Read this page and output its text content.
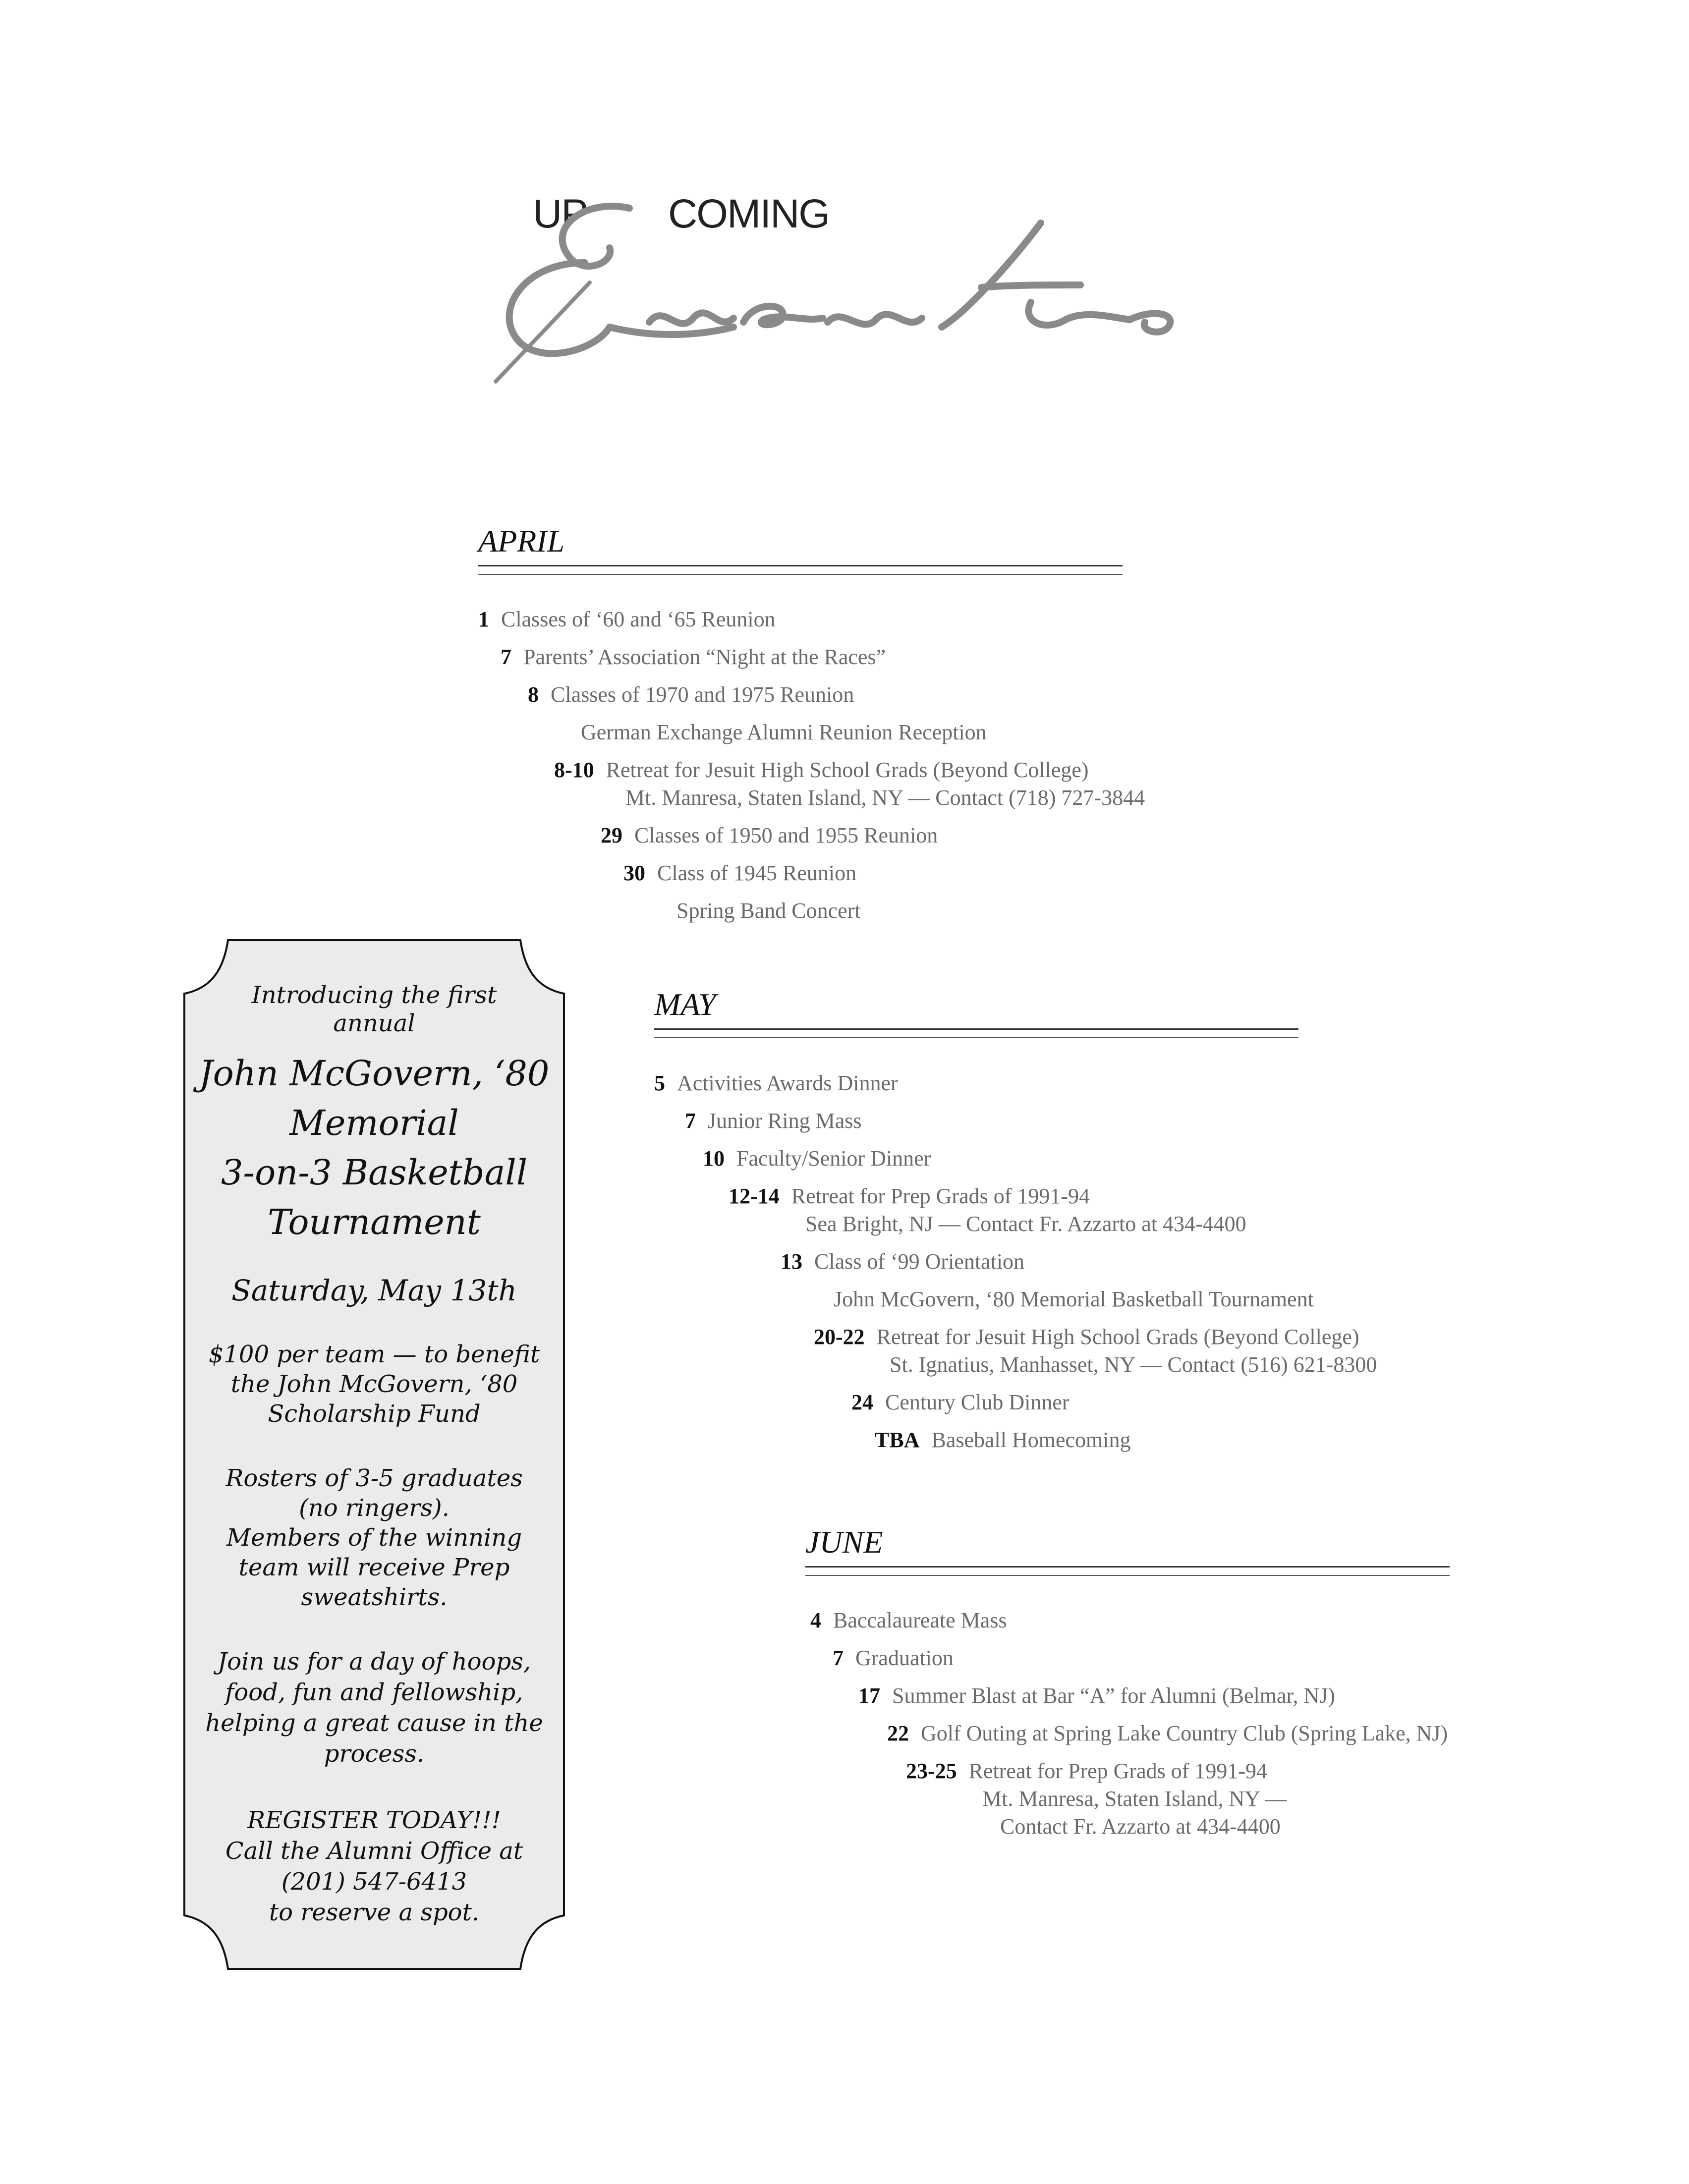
UP COMING
Events
APRIL
1 Classes of ‘60 and ‘65 Reunion
7 Parents’ Association “Night at the Races”
8 Classes of 1970 and 1975 Reunion
German Exchange Alumni Reunion Reception
8-10 Retreat for Jesuit High School Grads (Beyond College)
Mt. Manresa, Staten Island, NY — Contact (718) 727-3844
29 Classes of 1950 and 1955 Reunion
30 Class of 1945 Reunion
Spring Band Concert
MAY
5 Activities Awards Dinner
7 Junior Ring Mass
10 Faculty/Senior Dinner
12-14 Retreat for Prep Grads of 1991-94
Sea Bright, NJ — Contact Fr. Azzarto at 434-4400
13 Class of ‘99 Orientation
John McGovern, ‘80 Memorial Basketball Tournament
20-22 Retreat for Jesuit High School Grads (Beyond College)
St. Ignatius, Manhasset, NY — Contact (516) 621-8300
24 Century Club Dinner
TBA Baseball Homecoming
JUNE
4 Baccalaureate Mass
7 Graduation
17 Summer Blast at Bar “A” for Alumni (Belmar, NJ)
22 Golf Outing at Spring Lake Country Club (Spring Lake, NJ)
23-25 Retreat for Prep Grads of 1991-94
Mt. Manresa, Staten Island, NY —
Contact Fr. Azzarto at 434-4400
Introducing the first
annual
John McGovern, ‘80
Memorial
3-on-3 Basketball
Tournament
Saturday, May 13th
$100 per team — to benefit
the John McGovern, ‘80
Scholarship Fund
Rosters of 3-5 graduates
(no ringers).
Members of the winning
team will receive Prep
sweatshirts.
Join us for a day of hoops,
food, fun and fellowship,
helping a great cause in the
process.
REGISTER TODAY!!!
Call the Alumni Office at
(201) 547-6413
to reserve a spot.
